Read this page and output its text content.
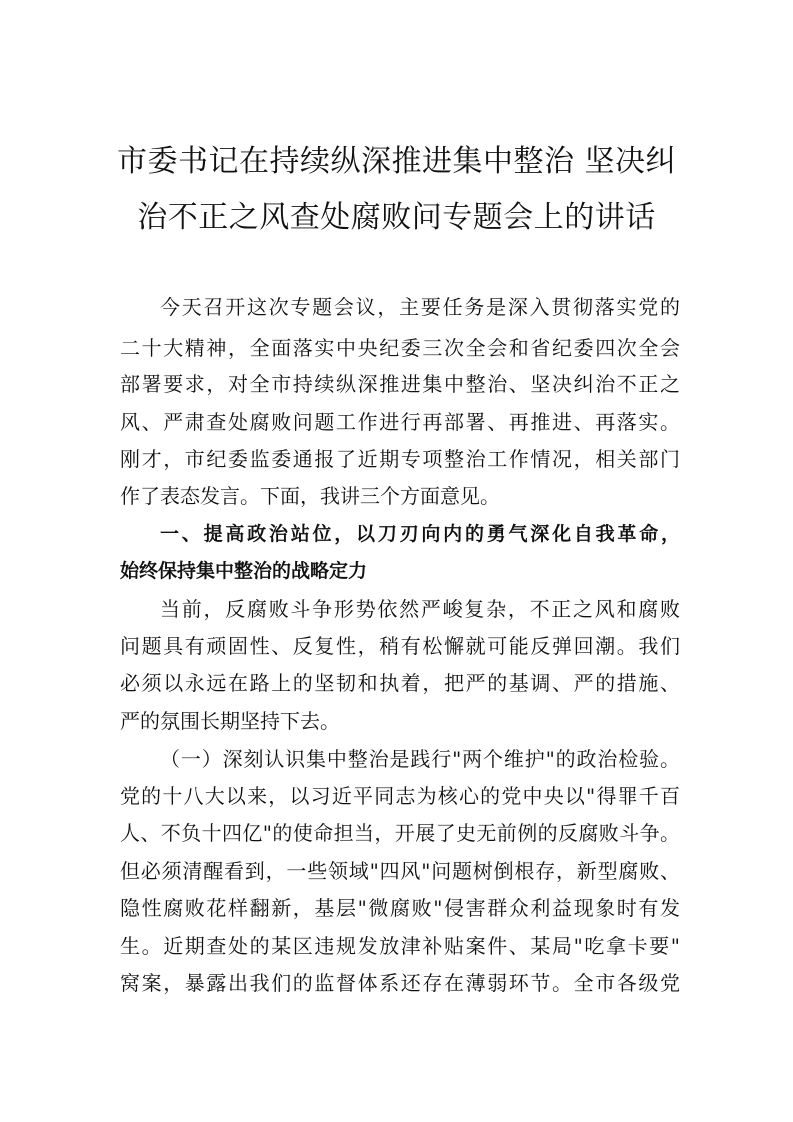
市委书记在持续纵深推进集中整治 坚决纠
治不正之风查处腐败问专题会上的讲话
今天召开这次专题会议，主要任务是深入贯彻落实党的
二十大精神，全面落实中央纪委三次全会和省纪委四次全会
部署要求，对全市持续纵深推进集中整治、坚决纠治不正之
风、严肃查处腐败问题工作进行再部署、再推进、再落实。
刚才，市纪委监委通报了近期专项整治工作情况，相关部门
作了表态发言。下面，我讲三个方面意见。
一、提高政治站位，以刀刃向内的勇气深化自我革命，
始终保持集中整治的战略定力
当前，反腐败斗争形势依然严峻复杂，不正之风和腐败
问题具有顽固性、反复性，稍有松懈就可能反弹回潮。我们
必须以永远在路上的坚韧和执着，把严的基调、严的措施、
严的氛围长期坚持下去。
（一）深刻认识集中整治是践行"两个维护"的政治检验。
党的十八大以来，以习近平同志为核心的党中央以"得罪千百
人、不负十四亿"的使命担当，开展了史无前例的反腐败斗争。
但必须清醒看到，一些领域"四风"问题树倒根存，新型腐败、
隐性腐败花样翻新，基层"微腐败"侵害群众利益现象时有发
生。近期查处的某区违规发放津补贴案件、某局"吃拿卡要"
窝案，暴露出我们的监督体系还存在薄弱环节。全市各级党
